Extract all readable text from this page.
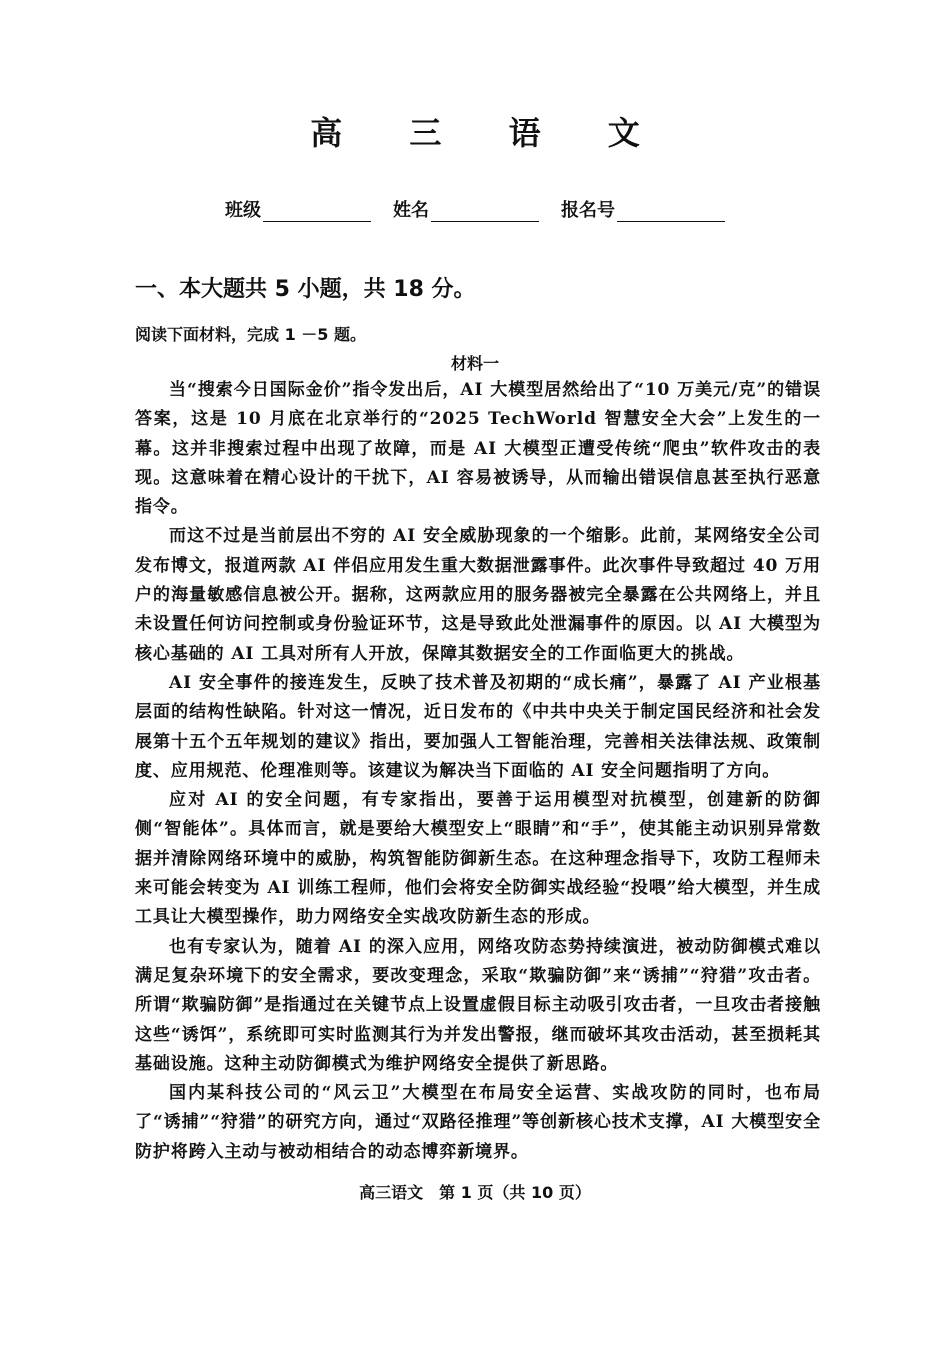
高 三 语 文
班级	姓名	报名号
一、本大题共 5 小题，共 18 分。
阅读下面材料，完成 1 －5 题。
材料一

当“搜索今日国际金价”指令发出后，AI 大模型居然给出了“10 万美元/克”的错误答案，这是 10 月底在北京举行的“2025 TechWorld 智慧安全大会”上发生的一幕。这并非搜索过程中出现了故障，而是 AI 大模型正遭受传统“爬虫”软件攻击的表现。这意味着在精心设计的干扰下，AI 容易被诱导，从而输出错误信息甚至执行恶意指令。

而这不过是当前层出不穷的 AI 安全威胁现象的一个缩影。此前，某网络安全公司发布博文，报道两款 AI 伴侣应用发生重大数据泄露事件。此次事件导致超过 40 万用户的海量敏感信息被公开。据称，这两款应用的服务器被完全暴露在公共网络上，并且未设置任何访问控制或身份验证环节，这是导致此处泄漏事件的原因。以 AI 大模型为核心基础的 AI 工具对所有人开放，保障其数据安全的工作面临更大的挑战。

AI 安全事件的接连发生，反映了技术普及初期的“成长痛”，暴露了 AI 产业根基层面的结构性缺陷。针对这一情况，近日发布的《中共中央关于制定国民经济和社会发展第十五个五年规划的建议》指出，要加强人工智能治理，完善相关法律法规、政策制度、应用规范、伦理准则等。该建议为解决当下面临的 AI 安全问题指明了方向。

应对 AI 的安全问题，有专家指出，要善于运用模型对抗模型，创建新的防御侧“智能体”。具体而言，就是要给大模型安上“眼睛”和“手”，使其能主动识别异常数据并清除网络环境中的威胁，构筑智能防御新生态。在这种理念指导下，攻防工程师未来可能会转变为 AI 训练工程师，他们会将安全防御实战经验“投喂”给大模型，并生成工具让大模型操作，助力网络安全实战攻防新生态的形成。

也有专家认为，随着 AI 的深入应用，网络攻防态势持续演进，被动防御模式难以满足复杂环境下的安全需求，要改变理念，采取“欺骗防御”来“诱捕”“狩猎”攻击者。所谓“欺骗防御”是指通过在关键节点上设置虚假目标主动吸引攻击者，一旦攻击者接触这些“诱饵”，系统即可实时监测其行为并发出警报，继而破坏其攻击活动，甚至损耗其基础设施。这种主动防御模式为维护网络安全提供了新思路。

国内某科技公司的“风云卫”大模型在布局安全运营、实战攻防的同时，也布局了“诱捕”“狩猎”的研究方向，通过“双路径推理”等创新核心技术支撑，AI 大模型安全防护将跨入主动与被动相结合的动态博弈新境界。

高三语文　第 1 页（共 10 页）
